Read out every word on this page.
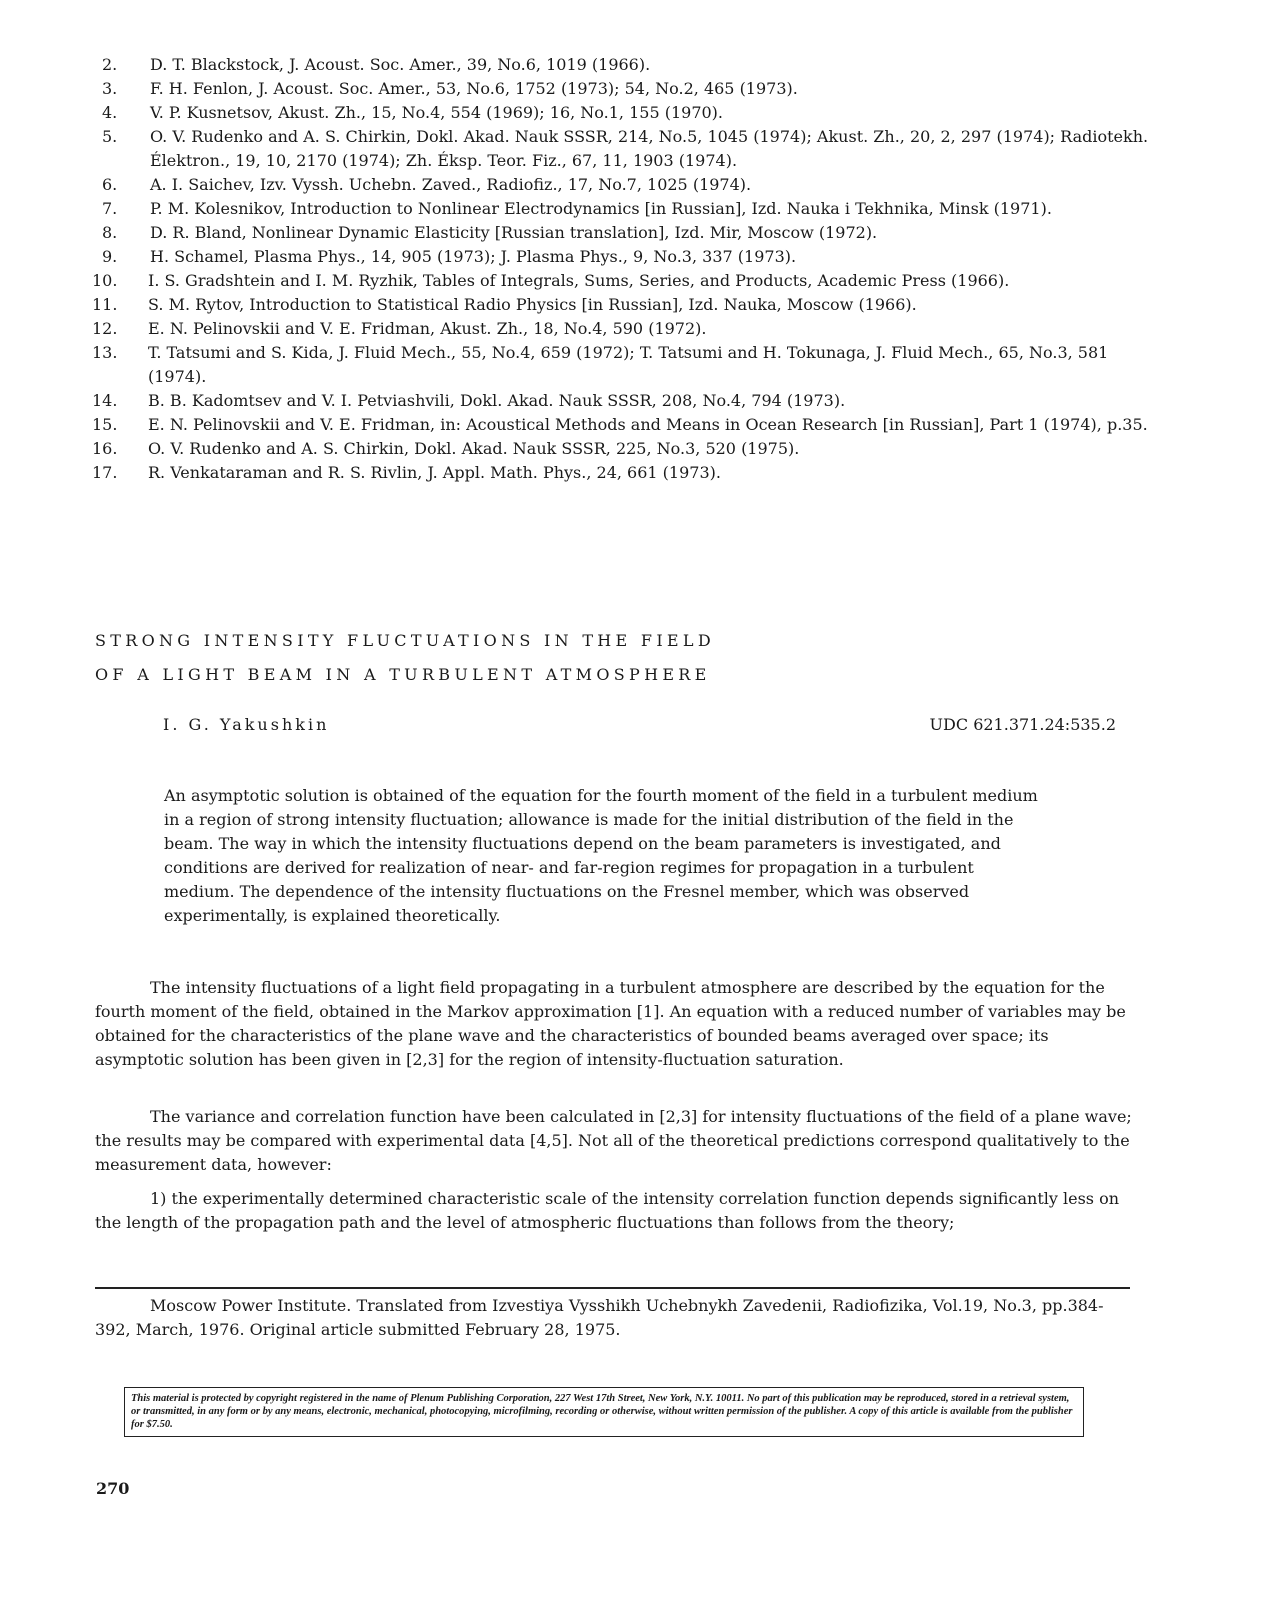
2.	D. T. Blackstock, J. Acoust. Soc. Amer., 39, No.6, 1019 (1966).
3.	F. H. Fenlon, J. Acoust. Soc. Amer., 53, No.6, 1752 (1973); 54, No.2, 465 (1973).
4.	V. P. Kusnetsov, Akust. Zh., 15, No.4, 554 (1969); 16, No.1, 155 (1970).
5.	O. V. Rudenko and A. S. Chirkin, Dokl. Akad. Nauk SSSR, 214, No.5, 1045 (1974); Akust. Zh., 20, 2, 297 (1974); Radiotekh. Élektron., 19, 10, 2170 (1974); Zh. Éksp. Teor. Fiz., 67, 11, 1903 (1974).
6.	A. I. Saichev, Izv. Vyssh. Uchebn. Zaved., Radiofiz., 17, No.7, 1025 (1974).
7.	P. M. Kolesnikov, Introduction to Nonlinear Electrodynamics [in Russian], Izd. Nauka i Tekhnika, Minsk (1971).
8.	D. R. Bland, Nonlinear Dynamic Elasticity [Russian translation], Izd. Mir, Moscow (1972).
9.	H. Schamel, Plasma Phys., 14, 905 (1973); J. Plasma Phys., 9, No.3, 337 (1973).
10.	I. S. Gradshtein and I. M. Ryzhik, Tables of Integrals, Sums, Series, and Products, Academic Press (1966).
11.	S. M. Rytov, Introduction to Statistical Radio Physics [in Russian], Izd. Nauka, Moscow (1966).
12.	E. N. Pelinovskii and V. E. Fridman, Akust. Zh., 18, No.4, 590 (1972).
13.	T. Tatsumi and S. Kida, J. Fluid Mech., 55, No.4, 659 (1972); T. Tatsumi and H. Tokunaga, J. Fluid Mech., 65, No.3, 581 (1974).
14.	B. B. Kadomtsev and V. I. Petviashvili, Dokl. Akad. Nauk SSSR, 208, No.4, 794 (1973).
15.	E. N. Pelinovskii and V. E. Fridman, in: Acoustical Methods and Means in Ocean Research [in Russian], Part 1 (1974), p.35.
16.	O. V. Rudenko and A. S. Chirkin, Dokl. Akad. Nauk SSSR, 225, No.3, 520 (1975).
17.	R. Venkataraman and R. S. Rivlin, J. Appl. Math. Phys., 24, 661 (1973).
STRONG INTENSITY FLUCTUATIONS IN THE FIELD
OF A LIGHT BEAM IN A TURBULENT ATMOSPHERE
I. G. Yakushkin	UDC 621.371.24:535.2

An asymptotic solution is obtained of the equation for the fourth moment of the field in a turbulent medium in a region of strong intensity fluctuation; allowance is made for the initial distribution of the field in the beam. The way in which the intensity fluctuations depend on the beam parameters is investigated, and conditions are derived for realization of near- and far-region regimes for propagation in a turbulent medium. The dependence of the intensity fluctuations on the Fresnel member, which was observed experimentally, is explained theoretically.

The intensity fluctuations of a light field propagating in a turbulent atmosphere are described by the equation for the fourth moment of the field, obtained in the Markov approximation [1]. An equation with a reduced number of variables may be obtained for the characteristics of the plane wave and the characteristics of bounded beams averaged over space; its asymptotic solution has been given in [2,3] for the region of intensity-fluctuation saturation.

The variance and correlation function have been calculated in [2,3] for intensity fluctuations of the field of a plane wave; the results may be compared with experimental data [4,5]. Not all of the theoretical predictions correspond qualitatively to the measurement data, however:

1) the experimentally determined characteristic scale of the intensity correlation function depends significantly less on the length of the propagation path and the level of atmospheric fluctuations than follows from the theory;

Moscow Power Institute. Translated from Izvestiya Vysshikh Uchebnykh Zavedenii, Radiofizika, Vol.19, No.3, pp.384-392, March, 1976. Original article submitted February 28, 1975.

This material is protected by copyright registered in the name of Plenum Publishing Corporation, 227 West 17th Street, New York, N.Y. 10011. No part of this publication may be reproduced, stored in a retrieval system, or transmitted, in any form or by any means, electronic, mechanical, photocopying, microfilming, recording or otherwise, without written permission of the publisher. A copy of this article is available from the publisher for $7.50.
270
